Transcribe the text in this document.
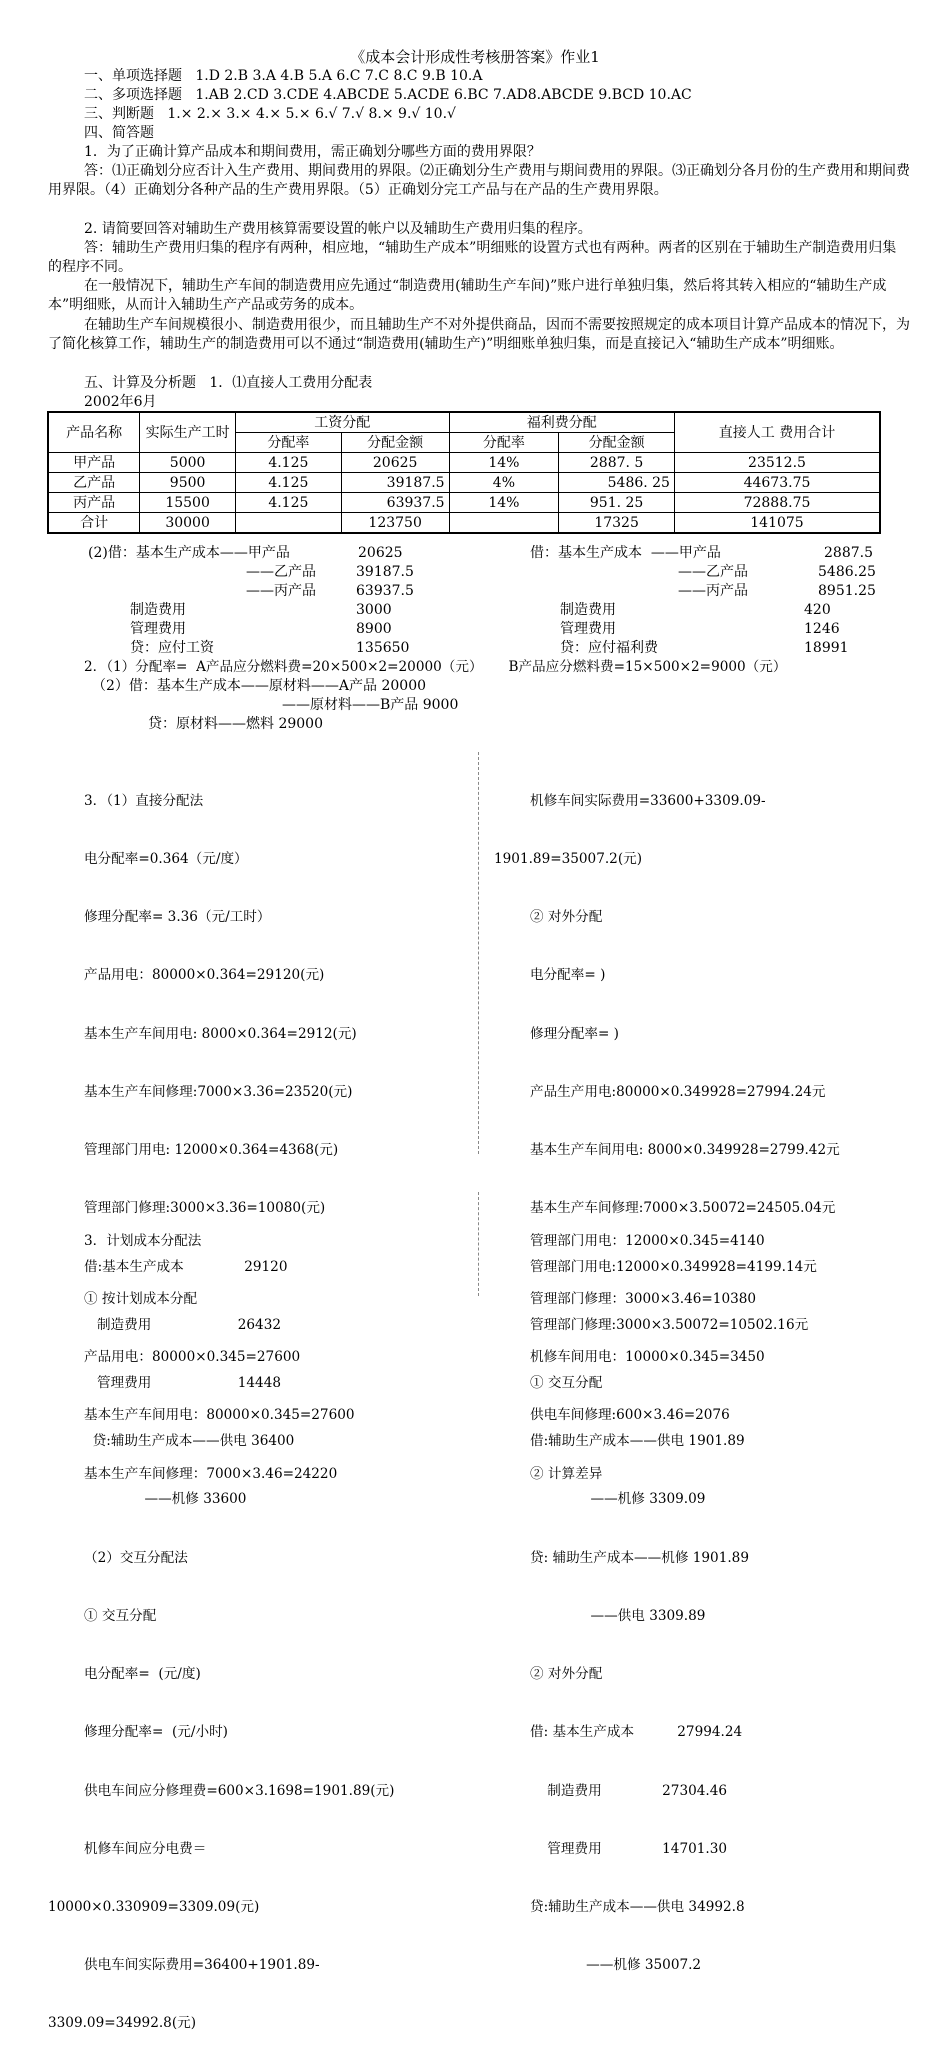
《成本会计形成性考核册答案》作业1
一、单项选择题   1.D 2.B 3.A 4.B 5.A 6.C 7.C 8.C 9.B 10.A
二、多项选择题   1.AB 2.CD 3.CDE 4.ABCDE 5.ACDE 6.BC 7.AD8.ABCDE 9.BCD 10.AC
三、判断题   1.× 2.× 3.× 4.× 5.× 6.√ 7.√ 8.× 9.√ 10.√
四、简答题
1．为了正确计算产品成本和期间费用，需正确划分哪些方面的费用界限？
答：⑴正确划分应否计入生产费用、期间费用的界限。⑵正确划分生产费用与期间费用的界限。⑶正确划分各月份的生产费用和期间费用界限。（4）正确划分各种产品的生产费用界限。（5）正确划分完工产品与在产品的生产费用界限。
2. 请简要回答对辅助生产费用核算需要设置的帐户以及辅助生产费用归集的程序。
答：辅助生产费用归集的程序有两种，相应地，“辅助生产成本”明细账的设置方式也有两种。两者的区别在于辅助生产制造费用归集的程序不同。
在一般情况下，辅助生产车间的制造费用应先通过“制造费用(辅助生产车间)”账户进行单独归集，然后将其转入相应的“辅助生产成本”明细账，从而计入辅助生产产品或劳务的成本。
在辅助生产车间规模很小、制造费用很少，而且辅助生产不对外提供商品，因而不需要按照规定的成本项目计算产品成本的情况下，为了简化核算工作，辅助生产的制造费用可以不通过“制造费用(辅助生产)”明细账单独归集，而是直接记入“辅助生产成本”明细账。
五、计算及分析题   1．⑴直接人工费用分配表
2002年6月
产品名称	实际生产工时	工资分配		福利费分配		直接人工 费用合计
		分配率	分配金额	分配率	分配金额	
甲产品	5000	4.125	20625	14%	2887. 5	23512.5
乙产品	9500	4.125	39187.5	4%	5486. 25	44673.75
丙产品	15500	4.125	63937.5	14%	951. 25	72888.75
合计	30000		123750		17325	141075
(2)借：基本生产成本——甲产品	20625
——乙产品	39187.5
——丙产品	63937.5
制造费用	3000
管理费用	8900
贷：应付工资	135650
借：基本生产成本  ——甲产品	2887.5
——乙产品	5486.25
——丙产品	8951.25
制造费用	420
管理费用	1246
贷：应付福利费	18991
2．（1）分配率=  A产品应分燃料费=20×500×2=20000（元）      B产品应分燃料费=15×500×2=9000（元）
（2）借：基本生产成本——原材料——A产品 20000
——原材料——B产品 9000
贷：原材料——燃料 29000

3．（1）直接分配法

电分配率=0.364（元/度）

修理分配率= 3.36（元/工时）

产品用电：80000×0.364=29120(元)

基本生产车间用电: 8000×0.364=2912(元)

基本生产车间修理:7000×3.36=23520(元)

管理部门用电: 12000×0.364=4368(元)

管理部门修理:3000×3.36=10080(元)

借:基本生产成本              29120

制造费用                    26432

管理费用                    14448

贷:辅助生产成本——供电 36400

——机修 33600

（2）交互分配法

① 交互分配

电分配率=  (元/度)

修理分配率=  (元/小时)

供电车间应分修理费=600×3.1698=1901.89(元)

机修车间应分电费＝

10000×0.330909=3309.09(元)

供电车间实际费用=36400+1901.89-

3309.09=34992.8(元)

机修车间实际费用=33600+3309.09-

1901.89=35007.2(元)

② 对外分配

电分配率= )

修理分配率= )

产品生产用电:80000×0.349928=27994.24元

基本生产车间用电: 8000×0.349928=2799.42元

基本生产车间修理:7000×3.50072=24505.04元

管理部门用电:12000×0.349928=4199.14元

管理部门修理:3000×3.50072=10502.16元

① 交互分配

借:辅助生产成本——供电 1901.89

——机修 3309.09

贷: 辅助生产成本——机修 1901.89

——供电 3309.89

② 对外分配

借: 基本生产成本          27994.24

制造费用              27304.46

管理费用              14701.30

贷:辅助生产成本——供电 34992.8

——机修 35007.2

3．计划成本分配法

① 按计划成本分配

产品用电：80000×0.345=27600

基本生产车间用电：80000×0.345=27600

基本生产车间修理：7000×3.46=24220

管理部门用电：12000×0.345=4140

管理部门修理：3000×3.46=10380

机修车间用电：10000×0.345=3450

供电车间修理:600×3.46=2076

② 计算差异
